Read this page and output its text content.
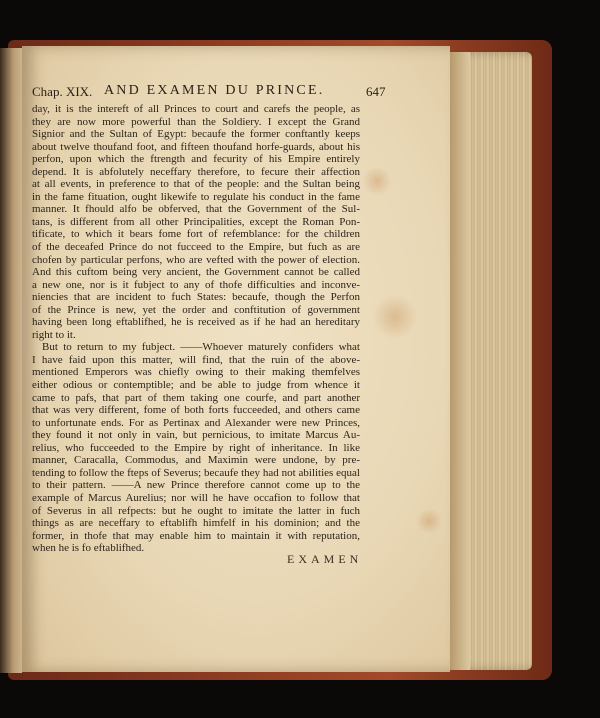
Chap. XIX. AND EXAMEN DU PRINCE.	647
day, it is the intereft of all Princes to court and carefs the people, as
they are now more powerful than the Soldiery. I except the Grand
Signior and the Sultan of Egypt: becaufe the former conftantly keeps
about twelve thoufand foot, and fifteen thoufand horfe-guards, about his
perfon, upon which the ftrength and fecurity of his Empire entirely
depend. It is abfolutely neceffary therefore, to fecure their affection
at all events, in preference to that of the people: and the Sultan being
in the fame fituation, ought likewife to regulate his conduct in the fame
manner. It fhould alfo be obferved, that the Government of the Sul-
tans, is different from all other Principalities, except the Roman Pon-
tificate, to which it bears fome fort of refemblance: for the children
of the deceafed Prince do not fucceed to the Empire, but fuch as are
chofen by particular perfons, who are vefted with the power of election.
And this cuftom being very ancient, the Government cannot be called
a new one, nor is it fubject to any of thofe difficulties and inconve-
niencies that are incident to fuch States: becaufe, though the Perfon
of the Prince is new, yet the order and conftitution of government
having been long eftablifhed, he is received as if he had an hereditary
right to it.
But to return to my fubject. ——Whoever maturely confiders what
I have faid upon this matter, will find, that the ruin of the above-
mentioned Emperors was chiefly owing to their making themfelves
either odious or contemptible; and be able to judge from whence it
came to pafs, that part of them taking one courfe, and part another
that was very different, fome of both forts fucceeded, and others came
to unfortunate ends. For as Pertinax and Alexander were new Princes,
they found it not only in vain, but pernicious, to imitate Marcus Au-
relius, who fucceeded to the Empire by right of inheritance. In like
manner, Caracalla, Commodus, and Maximin were undone, by pre-
tending to follow the fteps of Severus; becaufe they had not abilities equal
to their pattern. ——A new Prince therefore cannot come up to the
example of Marcus Aurelius; nor will he have occafion to follow that
of Severus in all refpects: but he ought to imitate the latter in fuch
things as are neceffary to eftablifh himfelf in his dominion; and the
former, in thofe that may enable him to maintain it with reputation,
when he is fo eftablifhed.
EXAMEN
